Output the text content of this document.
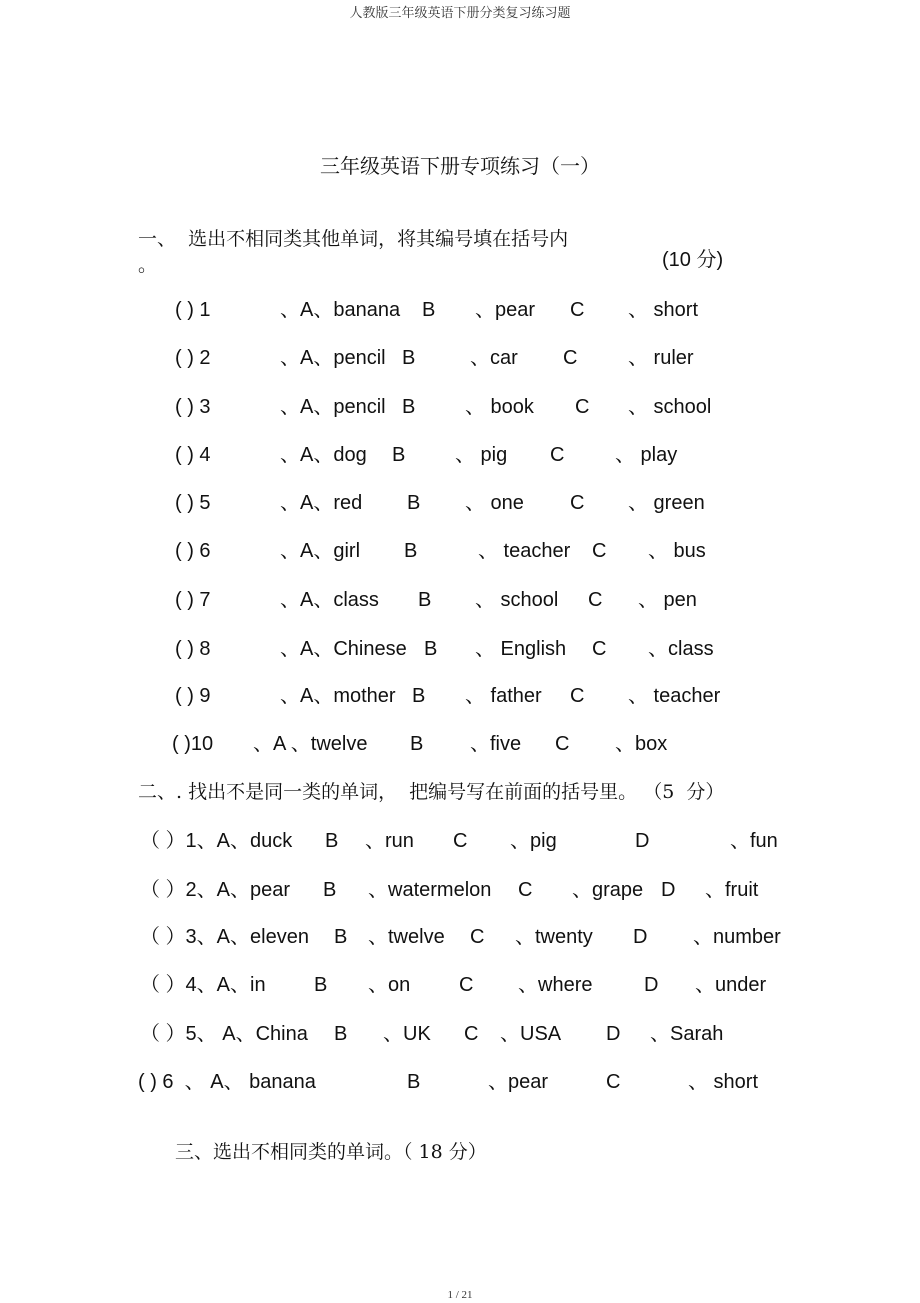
人教版三年级英语下册分类复习练习题
三年级英语下册专项练习（一）
一、  选出不相同类其他单词，将其编号填在括号内
。	(10 分)
( ) 1	、A、banana B 、pear C 、 short
( ) 2	、A、pencil B	、car C	、 ruler
( ) 3	、A、pencil B 、 book C 、 school
( ) 4	、A、dog B 、 pig C	、 play
( ) 5	、A、red B 、 one C 、 green
( ) 6	、A、girl B	、 teacher C 、 bus
( ) 7	、A、class B 、 school C 、 pen
( ) 8	、A、Chinese B 、 English C 、class
( ) 9	、A、mother B 、 father C 、 teacher
( )10 、A 、twelve B 、five C 、box
二、. 找出不是同一类的单词，  把编号写在前面的括号里。 （5  分）
（ ）1、A、duck B 、run C 、pig	D	、fun
（ ）2、A、pear B 、watermelon C 、grape D 、fruit
（ ）3、A、eleven B 、twelve C 、twenty D 、number
（ ）4、A、in B 、on C 、where	D 、under
（ ）5、 A、China B 、UK C 、USA D 、Sarah
( ) 6  、 A、 banana	B	、pear	C	、 short
三、选出不相同类的单词。（ 18 分）
1 / 21
